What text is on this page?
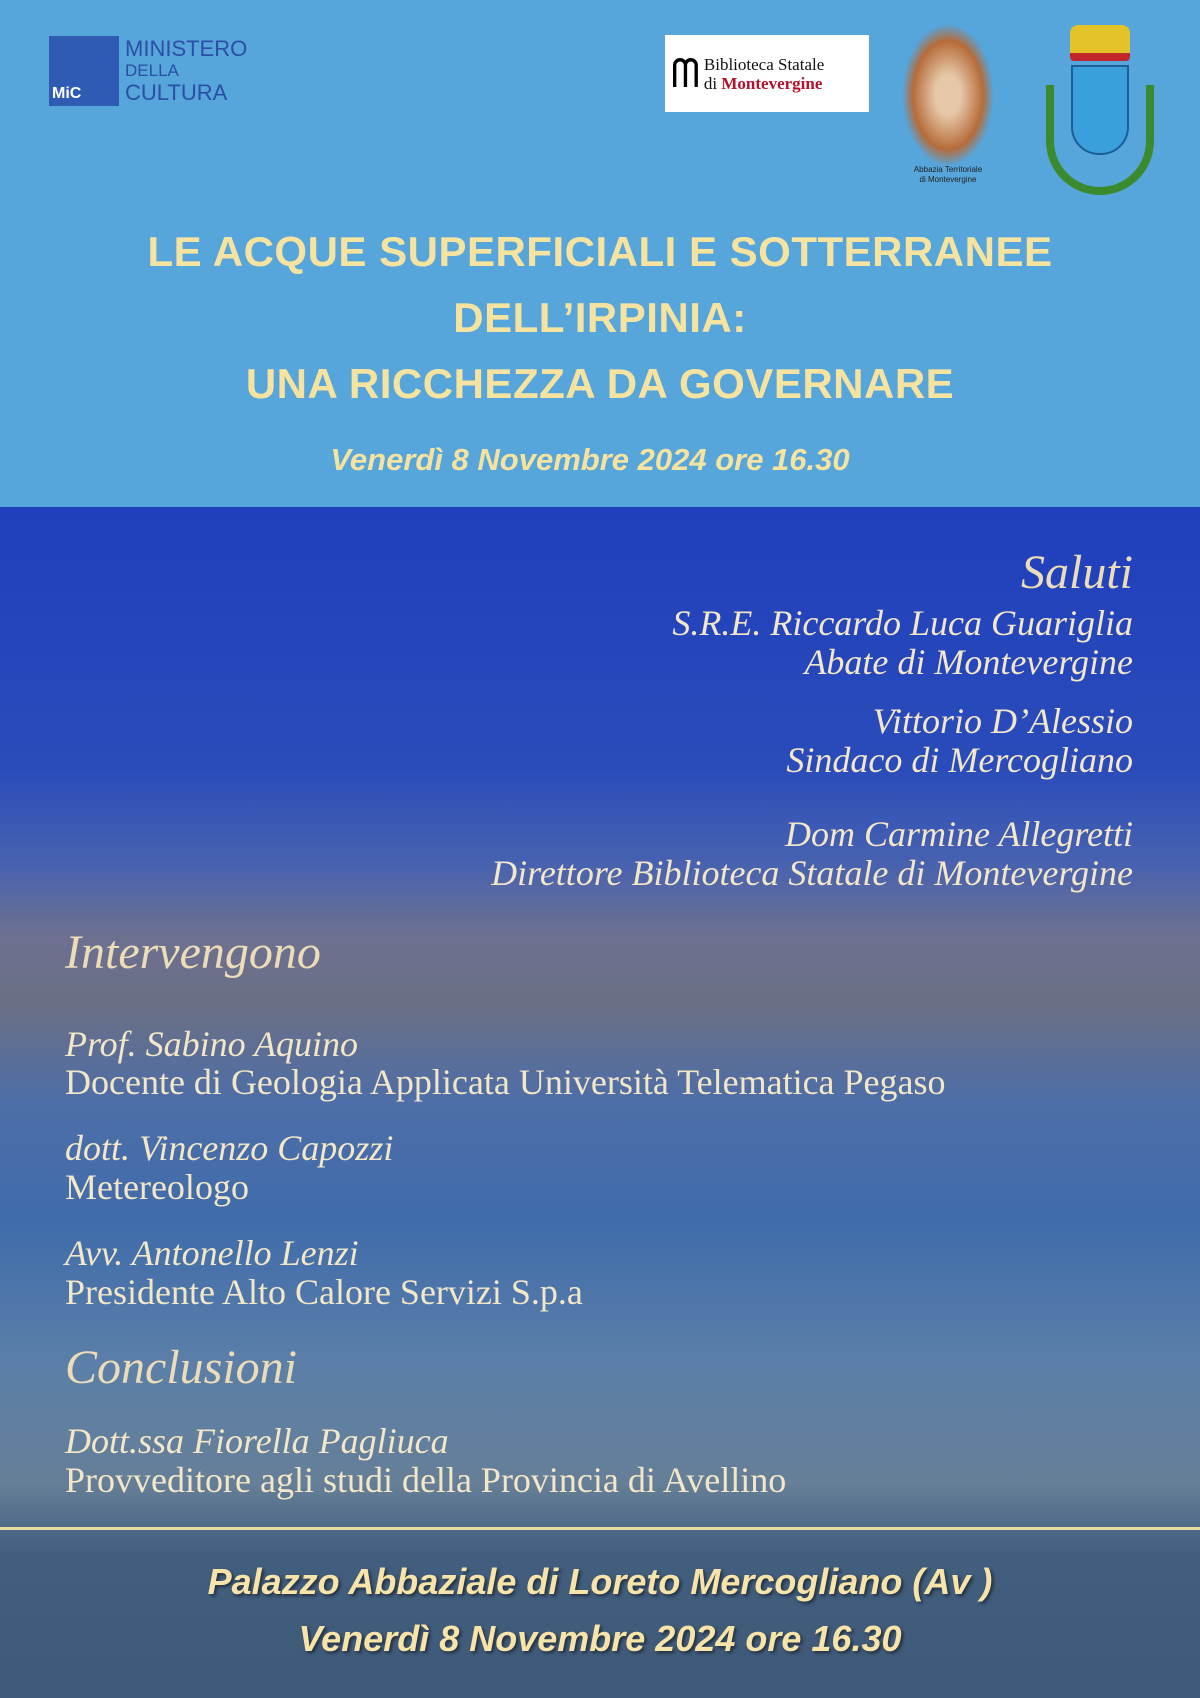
MiC
MINISTERO
DELLA
CULTURA	ᗰ Biblioteca Statale
di Montevergine
Abbazia Territoriale
di Montevergine
LE ACQUE SUPERFICIALI E SOTTERRANEE
DELL’IRPINIA:
UNA RICCHEZZA DA GOVERNARE
Venerdì 8 Novembre 2024 ore 16.30
Saluti
S.R.E. Riccardo Luca Guariglia
Abate di Montevergine
Vittorio D’Alessio
Sindaco di Mercogliano
Dom Carmine Allegretti
Direttore Biblioteca Statale di Montevergine
Intervengono
Prof. Sabino Aquino
Docente di Geologia Applicata Università Telematica Pegaso
dott. Vincenzo Capozzi
Metereologo
Avv. Antonello Lenzi
Presidente Alto Calore Servizi S.p.a
Conclusioni
Dott.ssa Fiorella Pagliuca
Provveditore agli studi della Provincia di Avellino
Palazzo Abbaziale di Loreto Mercogliano (Av )
Venerdì 8 Novembre 2024 ore 16.30
